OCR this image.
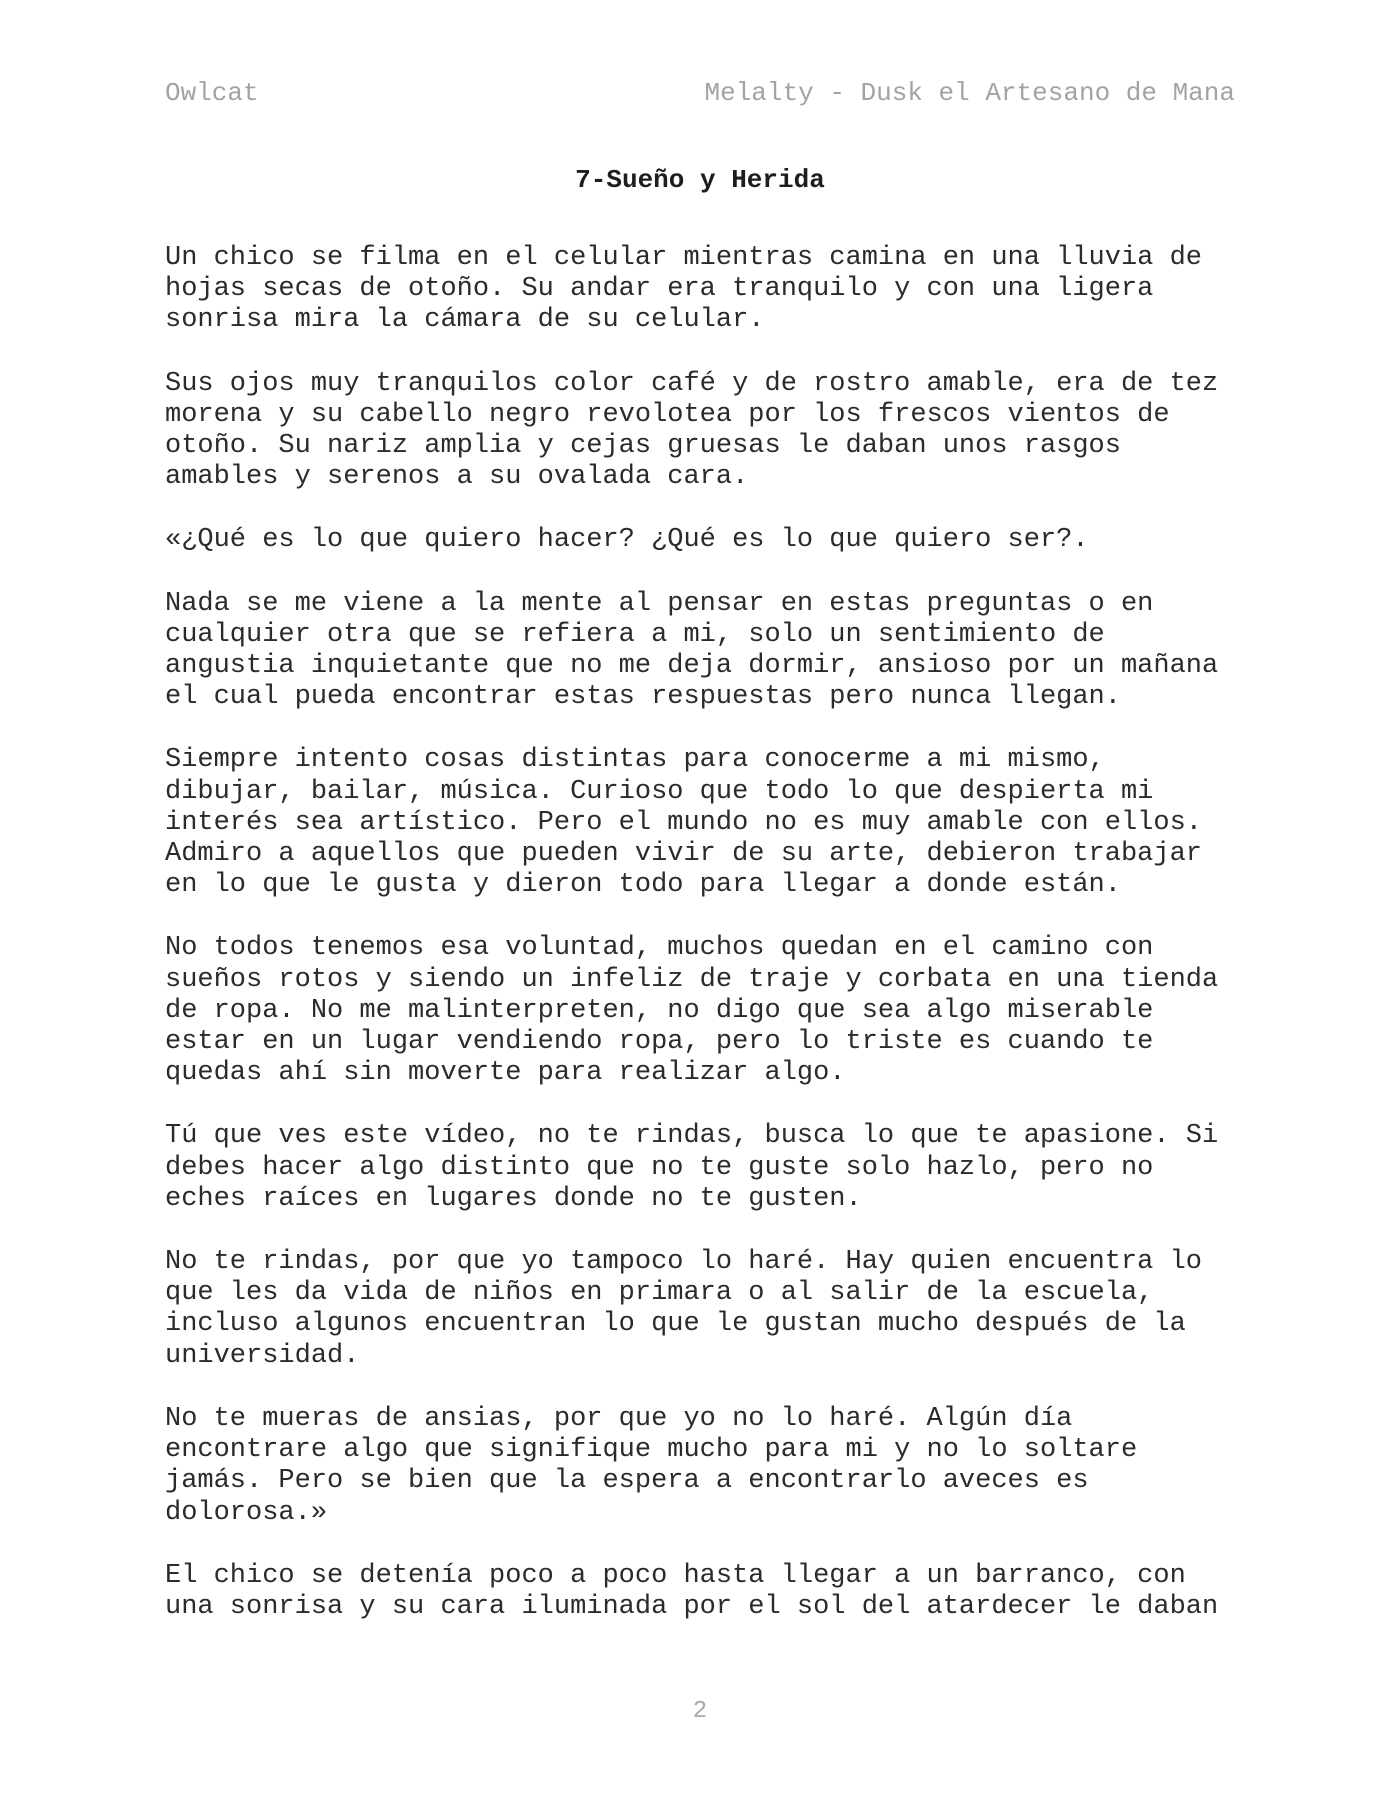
Owlcat	Melalty - Dusk el Artesano de Mana
7-Sueño y Herida

Un chico se filma en el celular mientras camina en una lluvia de
hojas secas de otoño. Su andar era tranquilo y con una ligera
sonrisa mira la cámara de su celular.

Sus ojos muy tranquilos color café y de rostro amable, era de tez
morena y su cabello negro revolotea por los frescos vientos de
otoño. Su nariz amplia y cejas gruesas le daban unos rasgos
amables y serenos a su ovalada cara.

«¿Qué es lo que quiero hacer? ¿Qué es lo que quiero ser?.

Nada se me viene a la mente al pensar en estas preguntas o en
cualquier otra que se refiera a mi, solo un sentimiento de
angustia inquietante que no me deja dormir, ansioso por un mañana
el cual pueda encontrar estas respuestas pero nunca llegan.

Siempre intento cosas distintas para conocerme a mi mismo,
dibujar, bailar, música. Curioso que todo lo que despierta mi
interés sea artístico. Pero el mundo no es muy amable con ellos.
Admiro a aquellos que pueden vivir de su arte, debieron trabajar
en lo que le gusta y dieron todo para llegar a donde están.

No todos tenemos esa voluntad, muchos quedan en el camino con
sueños rotos y siendo un infeliz de traje y corbata en una tienda
de ropa. No me malinterpreten, no digo que sea algo miserable
estar en un lugar vendiendo ropa, pero lo triste es cuando te
quedas ahí sin moverte para realizar algo.

Tú que ves este vídeo, no te rindas, busca lo que te apasione. Si
debes hacer algo distinto que no te guste solo hazlo, pero no
eches raíces en lugares donde no te gusten.

No te rindas, por que yo tampoco lo haré. Hay quien encuentra lo
que les da vida de niños en primara o al salir de la escuela,
incluso algunos encuentran lo que le gustan mucho después de la
universidad.

No te mueras de ansias, por que yo no lo haré. Algún día
encontrare algo que signifique mucho para mi y no lo soltare
jamás. Pero se bien que la espera a encontrarlo aveces es
dolorosa.»

El chico se detenía poco a poco hasta llegar a un barranco, con
una sonrisa y su cara iluminada por el sol del atardecer le daban

2
